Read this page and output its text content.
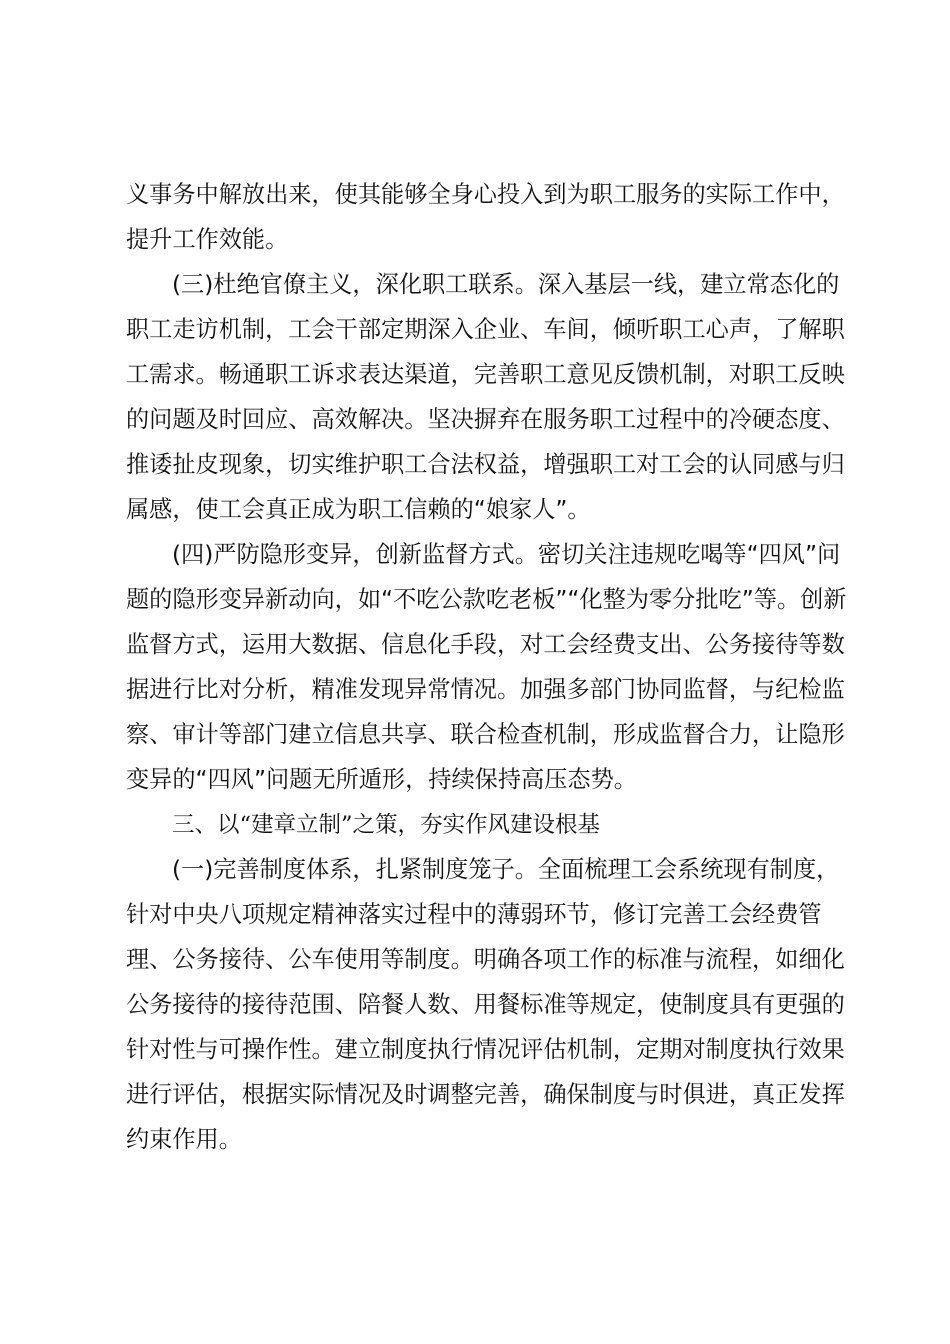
义事务中解放出来，使其能够全身心投入到为职工服务的实际工作中，
提升工作效能。
(三)杜绝官僚主义，深化职工联系。深入基层一线，建立常态化的
职工走访机制，工会干部定期深入企业、车间，倾听职工心声，了解职
工需求。畅通职工诉求表达渠道，完善职工意见反馈机制，对职工反映
的问题及时回应、高效解决。坚决摒弃在服务职工过程中的冷硬态度、
推诿扯皮现象，切实维护职工合法权益，增强职工对工会的认同感与归
属感，使工会真正成为职工信赖的“娘家人”。
(四)严防隐形变异，创新监督方式。密切关注违规吃喝等“四风”问
题的隐形变异新动向，如“不吃公款吃老板”“化整为零分批吃”等。创新
监督方式，运用大数据、信息化手段，对工会经费支出、公务接待等数
据进行比对分析，精准发现异常情况。加强多部门协同监督，与纪检监
察、审计等部门建立信息共享、联合检查机制，形成监督合力，让隐形
变异的“四风”问题无所遁形，持续保持高压态势。
三、以“建章立制”之策，夯实作风建设根基
(一)完善制度体系，扎紧制度笼子。全面梳理工会系统现有制度，
针对中央八项规定精神落实过程中的薄弱环节，修订完善工会经费管
理、公务接待、公车使用等制度。明确各项工作的标准与流程，如细化
公务接待的接待范围、陪餐人数、用餐标准等规定，使制度具有更强的
针对性与可操作性。建立制度执行情况评估机制，定期对制度执行效果
进行评估，根据实际情况及时调整完善，确保制度与时俱进，真正发挥
约束作用。
